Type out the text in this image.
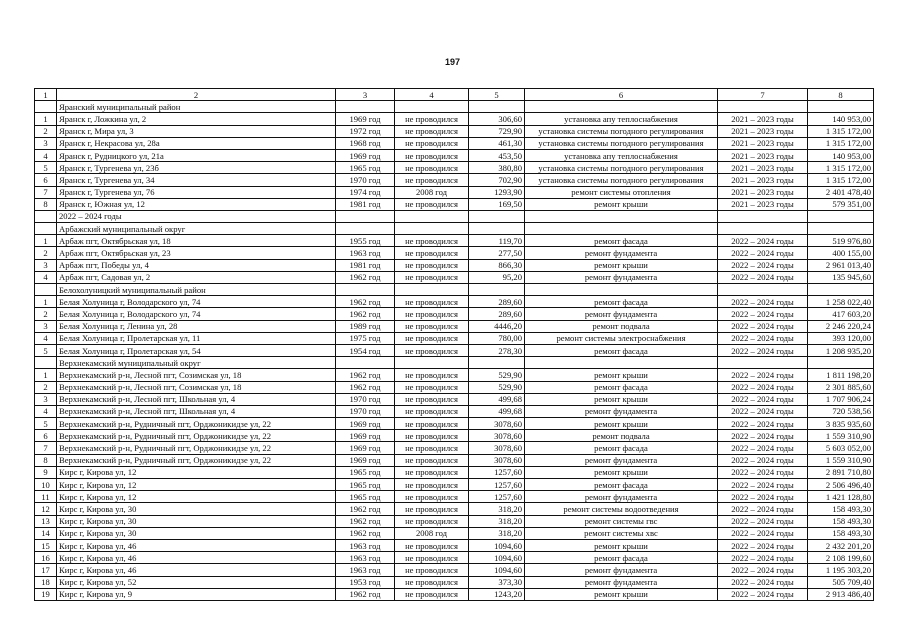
197
1	2	3	4	5	6	7	8
	Яранский муниципальный район						
1	Яранск г, Ложкина ул, 2	1969 год	не проводился	306,60	установка апу теплоснабжения	2021 – 2023 годы	140 953,00
2	Яранск г, Мира ул, 3	1972 год	не проводился	729,90	установка системы погодного регулирования	2021 – 2023 годы	1 315 172,00
3	Яранск г, Некрасова ул, 28а	1968 год	не проводился	461,30	установка системы погодного регулирования	2021 – 2023 годы	1 315 172,00
4	Яранск г, Рудницкого ул, 21а	1969 год	не проводился	453,50	установка апу теплоснабжения	2021 – 2023 годы	140 953,00
5	Яранск г, Тургенева ул, 23б	1965 год	не проводился	380,80	установка системы погодного регулирования	2021 – 2023 годы	1 315 172,00
6	Яранск г, Тургенева ул, 34	1970 год	не проводился	702,90	установка системы погодного регулирования	2021 – 2023 годы	1 315 172,00
7	Яранск г, Тургенева ул, 76	1974 год	2008 год	1293,90	ремонт системы отопления	2021 – 2023 годы	2 401 478,40
8	Яранск г, Южная ул, 12	1981 год	не проводился	169,50	ремонт крыши	2021 – 2023 годы	579 351,00
	2022 – 2024 годы						
	Арбажский муниципальный округ						
1	Арбаж пгт, Октябрьская ул, 18	1955 год	не проводился	119,70	ремонт фасада	2022 – 2024 годы	519 976,80
2	Арбаж пгт, Октябрьская ул, 23	1963 год	не проводился	277,50	ремонт фундамента	2022 – 2024 годы	400 155,00
3	Арбаж пгт, Победы ул, 4	1981 год	не проводился	866,30	ремонт крыши	2022 – 2024 годы	2 961 013,40
4	Арбаж пгт, Садовая ул, 2	1962 год	не проводился	95,20	ремонт фундамента	2022 – 2024 годы	135 945,60
	Белохолуницкий муниципальный район						
1	Белая Холуница г, Володарского ул, 74	1962 год	не проводился	289,60	ремонт фасада	2022 – 2024 годы	1 258 022,40
2	Белая Холуница г, Володарского ул, 74	1962 год	не проводился	289,60	ремонт фундамента	2022 – 2024 годы	417 603,20
3	Белая Холуница г, Ленина ул, 28	1989 год	не проводился	4446,20	ремонт подвала	2022 – 2024 годы	2 246 220,24
4	Белая Холуница г, Пролетарская ул, 11	1975 год	не проводился	780,00	ремонт системы электроснабжения	2022 – 2024 годы	393 120,00
5	Белая Холуница г, Пролетарская ул, 54	1954 год	не проводился	278,30	ремонт фасада	2022 – 2024 годы	1 208 935,20
	Верхнекамский муниципальный округ						
1	Верхнекамский р-н, Лесной пгт, Созимская ул, 18	1962 год	не проводился	529,90	ремонт крыши	2022 – 2024 годы	1 811 198,20
2	Верхнекамский р-н, Лесной пгт, Созимская ул, 18	1962 год	не проводился	529,90	ремонт фасада	2022 – 2024 годы	2 301 885,60
3	Верхнекамский р-н, Лесной пгт, Школьная ул, 4	1970 год	не проводился	499,68	ремонт крыши	2022 – 2024 годы	1 707 906,24
4	Верхнекамский р-н, Лесной пгт, Школьная ул, 4	1970 год	не проводился	499,68	ремонт фундамента	2022 – 2024 годы	720 538,56
5	Верхнекамский р-н, Рудничный пгт, Орджоникидзе ул, 22	1969 год	не проводился	3078,60	ремонт крыши	2022 – 2024 годы	3 835 935,60
6	Верхнекамский р-н, Рудничный пгт, Орджоникидзе ул, 22	1969 год	не проводился	3078,60	ремонт подвала	2022 – 2024 годы	1 559 310,90
7	Верхнекамский р-н, Рудничный пгт, Орджоникидзе ул, 22	1969 год	не проводился	3078,60	ремонт фасада	2022 – 2024 годы	5 603 052,00
8	Верхнекамский р-н, Рудничный пгт, Орджоникидзе ул, 22	1969 год	не проводился	3078,60	ремонт фундамента	2022 – 2024 годы	1 559 310,90
9	Кирс г, Кирова ул, 12	1965 год	не проводился	1257,60	ремонт крыши	2022 – 2024 годы	2 891 710,80
10	Кирс г, Кирова ул, 12	1965 год	не проводился	1257,60	ремонт фасада	2022 – 2024 годы	2 506 496,40
11	Кирс г, Кирова ул, 12	1965 год	не проводился	1257,60	ремонт фундамента	2022 – 2024 годы	1 421 128,80
12	Кирс г, Кирова ул, 30	1962 год	не проводился	318,20	ремонт системы водоотведения	2022 – 2024 годы	158 493,30
13	Кирс г, Кирова ул, 30	1962 год	не проводился	318,20	ремонт системы гвс	2022 – 2024 годы	158 493,30
14	Кирс г, Кирова ул, 30	1962 год	2008 год	318,20	ремонт системы хвс	2022 – 2024 годы	158 493,30
15	Кирс г, Кирова ул, 46	1963 год	не проводился	1094,60	ремонт крыши	2022 – 2024 годы	2 432 201,20
16	Кирс г, Кирова ул, 46	1963 год	не проводился	1094,60	ремонт фасада	2022 – 2024 годы	2 108 199,60
17	Кирс г, Кирова ул, 46	1963 год	не проводился	1094,60	ремонт фундамента	2022 – 2024 годы	1 195 303,20
18	Кирс г, Кирова ул, 52	1953 год	не проводился	373,30	ремонт фундамента	2022 – 2024 годы	505 709,40
19	Кирс г, Кирова ул, 9	1962 год	не проводился	1243,20	ремонт крыши	2022 – 2024 годы	2 913 486,40
